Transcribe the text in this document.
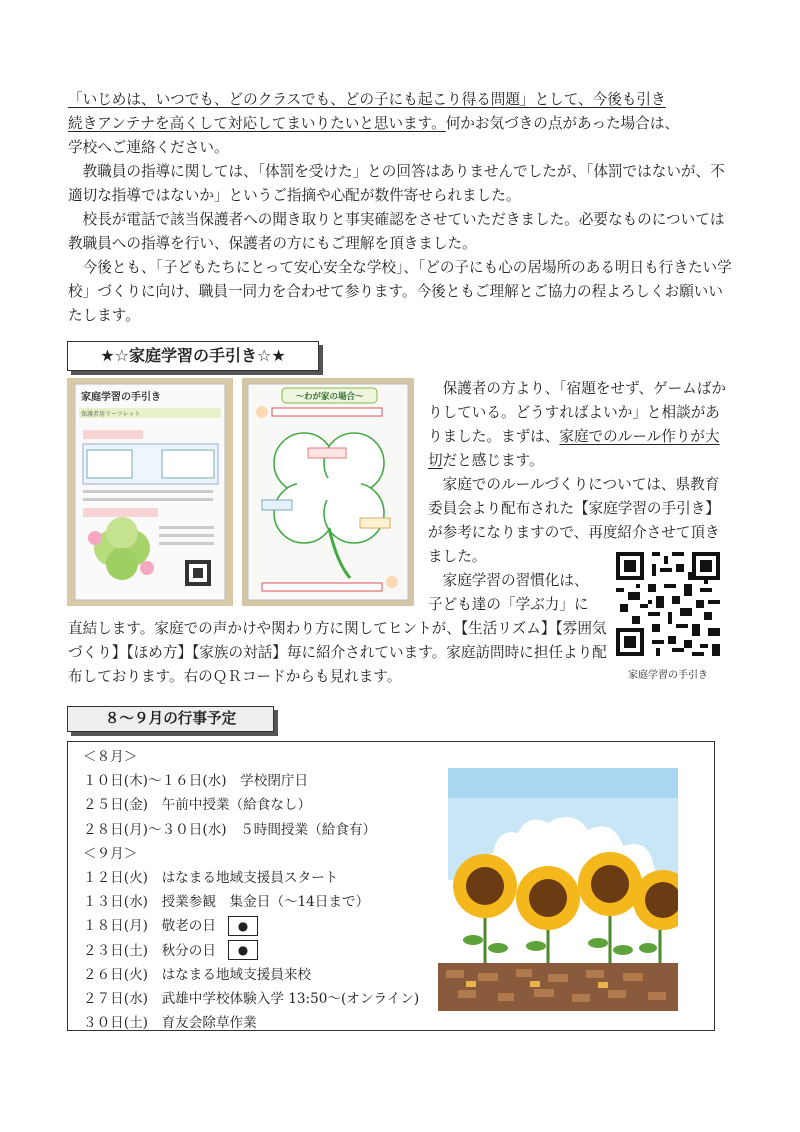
「いじめは、いつでも、どのクラスでも、どの子にも起こり得る問題」として、今後も引き

続きアンテナを高くして対応してまいりたいと思います。何かお気づきの点があった場合は、

学校へご連絡ください。

教職員の指導に関しては、「体罰を受けた」との回答はありませんでしたが、「体罰ではないが、不適切な指導ではないか」というご指摘や心配が数件寄せられました。

校長が電話で該当保護者への聞き取りと事実確認をさせていただきました。必要なものについては教職員への指導を行い、保護者の方にもご理解を頂きました。

今後とも、「子どもたちにとって安心安全な学校」、「どの子にも心の居場所のある明日も行きたい学校」づくりに向け、職員一同力を合わせて参ります。今後ともご理解とご協力の程よろしくお願いいたします。

★☆家庭学習の手引き☆★
家庭学習の手引き
保護者用リーフレット
～わが家の場合～	保護者の方より、「宿題をせず、ゲームばかりしている。どうすればよいか」と相談がありました。まずは、家庭でのルール作りが大切だと感じます。

家庭でのルールづくりについては、県教育委員会より配布された【家庭学習の手引き】が参考になりますので、再度紹介させて頂きました。

家庭学習の習慣化は、
子ども達の「学ぶ力」に
直結します。家庭での声かけや関わり方に関してヒントが、【生活リズム】【雰囲気づくり】【ほめ方】【家族の対話】毎に紹介されています。家庭訪問時に担任より配布しております。右のＱＲコードからも見れます。	家庭学習の手引き
８～９月の行事予定
＜８月＞
１０日(木)～１６日(水)　学校閉庁日
２５日(金)　午前中授業（給食なし）
２８日(月)～３０日(水)　５時間授業（給食有）
＜９月＞
１２日(火)　はなまる地域支援員スタート
１３日(水)　授業参観　集金日（～14日まで）
１８日(月)　敬老の日 ●
２３日(土)　秋分の日 ●
２６日(火)　はなまる地域支援員来校
２７日(水)　武雄中学校体験入学 13:50～(オンライン)
３０日(土)　育友会除草作業
